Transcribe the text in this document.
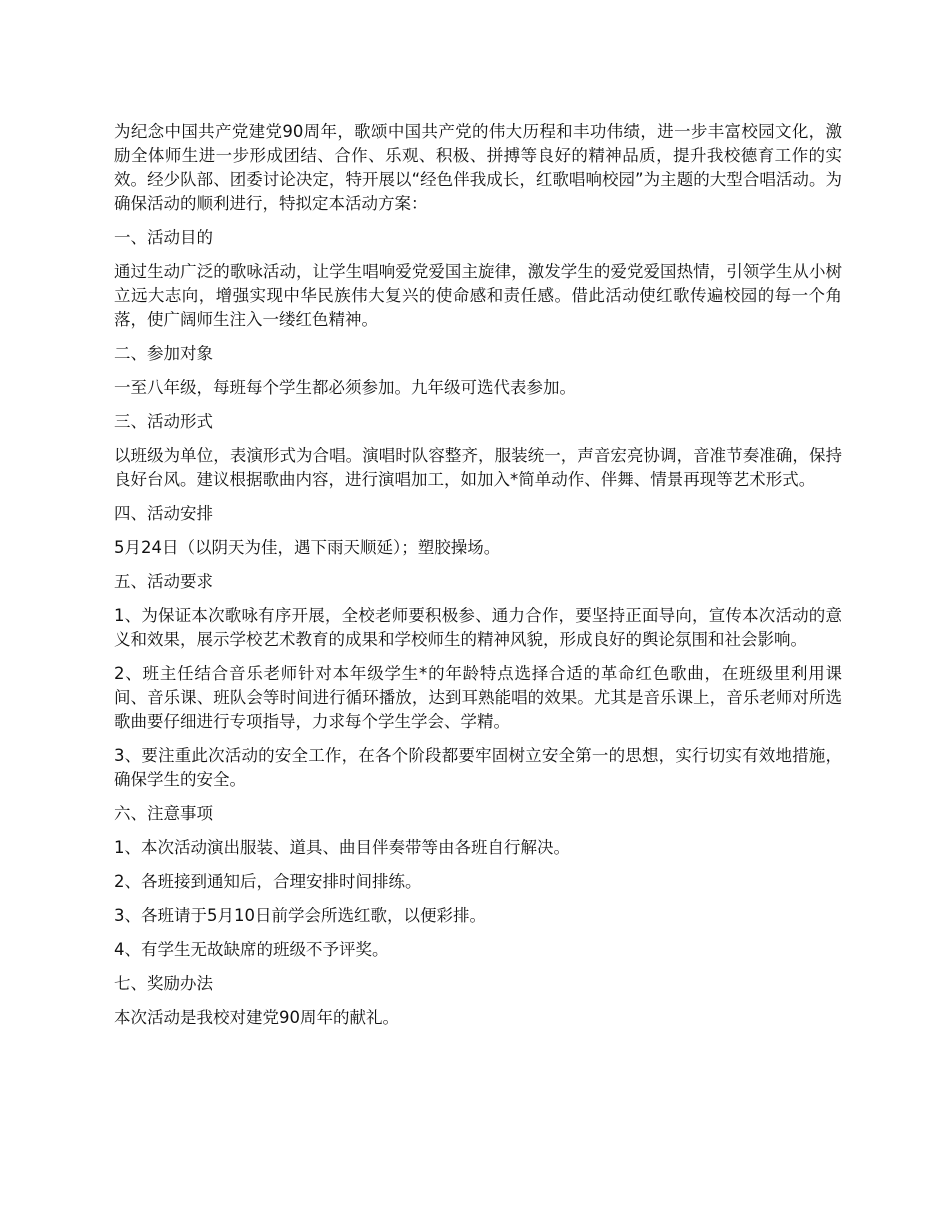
为纪念中国共产党建党90周年，歌颂中国共产党的伟大历程和丰功伟绩，进一步丰富校园文化，激励全体师生进一步形成团结、合作、乐观、积极、拼搏等良好的精神品质，提升我校德育工作的实效。经少队部、团委讨论决定，特开展以“经色伴我成长，红歌唱响校园”为主题的大型合唱活动。为确保活动的顺利进行，特拟定本活动方案：

一、活动目的

通过生动广泛的歌咏活动，让学生唱响爱党爱国主旋律，激发学生的爱党爱国热情，引领学生从小树立远大志向，增强实现中华民族伟大复兴的使命感和责任感。借此活动使红歌传遍校园的每一个角落，使广阔师生注入一缕红色精神。

二、参加对象

一至八年级，每班每个学生都必须参加。九年级可选代表参加。

三、活动形式

以班级为单位，表演形式为合唱。演唱时队容整齐，服装统一，声音宏亮协调，音准节奏准确，保持良好台风。建议根据歌曲内容，进行演唱加工，如加入*简单动作、伴舞、情景再现等艺术形式。

四、活动安排

5月24日（以阴天为佳，遇下雨天顺延）；塑胶操场。

五、活动要求

1、为保证本次歌咏有序开展，全校老师要积极参、通力合作，要坚持正面导向，宣传本次活动的意义和效果，展示学校艺术教育的成果和学校师生的精神风貌，形成良好的舆论氛围和社会影响。

2、班主任结合音乐老师针对本年级学生*的年龄特点选择合适的革命红色歌曲，在班级里利用课间、音乐课、班队会等时间进行循环播放，达到耳熟能唱的效果。尤其是音乐课上，音乐老师对所选歌曲要仔细进行专项指导，力求每个学生学会、学精。

3、要注重此次活动的安全工作，在各个阶段都要牢固树立安全第一的思想，实行切实有效地措施，确保学生的安全。

六、注意事项

1、本次活动演出服装、道具、曲目伴奏带等由各班自行解决。

2、各班接到通知后，合理安排时间排练。

3、各班请于5月10日前学会所选红歌，以便彩排。

4、有学生无故缺席的班级不予评奖。

七、奖励办法

本次活动是我校对建党90周年的献礼。
